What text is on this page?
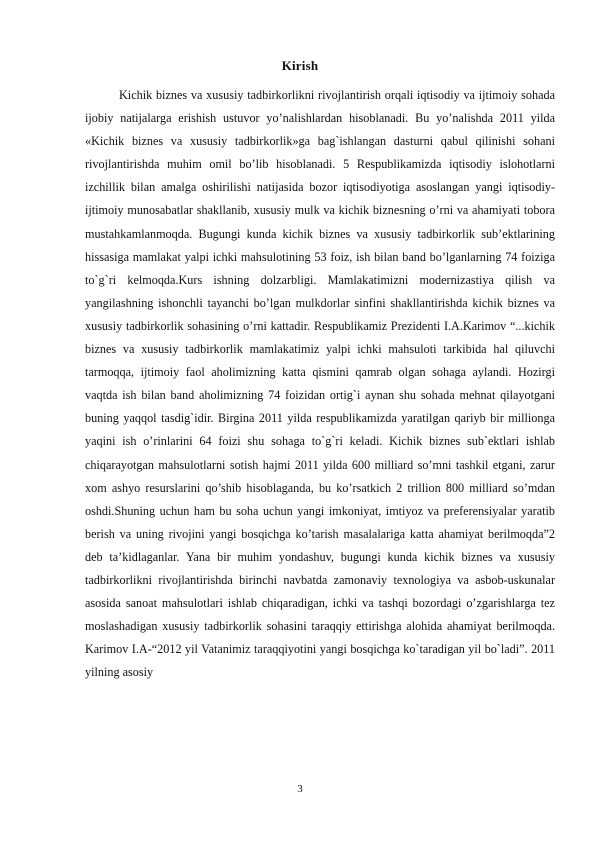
Kirish

Kichik biznes va xususiy tadbirkorlikni rivojlantirish orqali iqtisodiy va ijtimoiy sohada ijobiy natijalarga erishish ustuvor yo’nalishlardan hisoblanadi. Bu yo’nalishda 2011 yilda «Kichik biznes va xususiy tadbirkorlik»ga bag`ishlangan dasturni qabul qilinishi sohani rivojlantirishda muhim omil bo’lib hisoblanadi. 5 Respublikamizda iqtisodiy islohotlarni izchillik bilan amalga oshirilishi natijasida bozor iqtisodiyotiga asoslangan yangi iqtisodiy-ijtimoiy munosabatlar shakllanib, xususiy mulk va kichik biznesning o’rni va ahamiyati tobora mustahkamlanmoqda. Bugungi kunda kichik biznes va xususiy tadbirkorlik sub’ektlarining hissasiga mamlakat yalpi ichki mahsulotining 53 foiz, ish bilan band bo’lganlarning 74 foiziga to`g`ri kelmoqda.Kurs ishning dolzarbligi. Mamlakatimizni modernizastiya qilish va yangilashning ishonchli tayanchi bo’lgan mulkdorlar sinfini shakllantirishda kichik biznes va xususiy tadbirkorlik sohasining o’rni kattadir. Respublikamiz Prezidenti I.A.Karimov “...kichik biznes va xususiy tadbirkorlik mamlakatimiz yalpi ichki mahsuloti tarkibida hal qiluvchi tarmoqqa, ijtimoiy faol aholimizning katta qismini qamrab olgan sohaga aylandi. Hozirgi vaqtda ish bilan band aholimizning 74 foizidan ortig`i aynan shu sohada mehnat qilayotgani buning yaqqol tasdig`idir. Birgina 2011 yilda respublikamizda yaratilgan qariyb bir millionga yaqini ish o’rinlarini 64 foizi shu sohaga to`g`ri keladi. Kichik biznes sub`ektlari ishlab chiqarayotgan mahsulotlarni sotish hajmi 2011 yilda 600 milliard so’mni tashkil etgani, zarur xom ashyo resurslarini qo’shib hisoblaganda, bu ko’rsatkich 2 trillion 800 milliard so’mdan oshdi.Shuning uchun ham bu soha uchun yangi imkoniyat, imtiyoz va preferensiyalar yaratib berish va uning rivojini yangi bosqichga ko’tarish masalalariga katta ahamiyat berilmoqda”2 deb ta’kidlaganlar. Yana bir muhim yondashuv, bugungi kunda kichik biznes va xususiy tadbirkorlikni rivojlantirishda birinchi navbatda zamonaviy texnologiya va asbob-uskunalar asosida sanoat mahsulotlari ishlab chiqaradigan, ichki va tashqi bozordagi o’zgarishlarga tez moslashadigan xususiy tadbirkorlik sohasini taraqqiy ettirishga alohida ahamiyat berilmoqda. Karimov I.A-“2012 yil Vatanimiz taraqqiyotini yangi bosqichga ko`taradigan yil bo`ladi”. 2011 yilning asosiy

3
